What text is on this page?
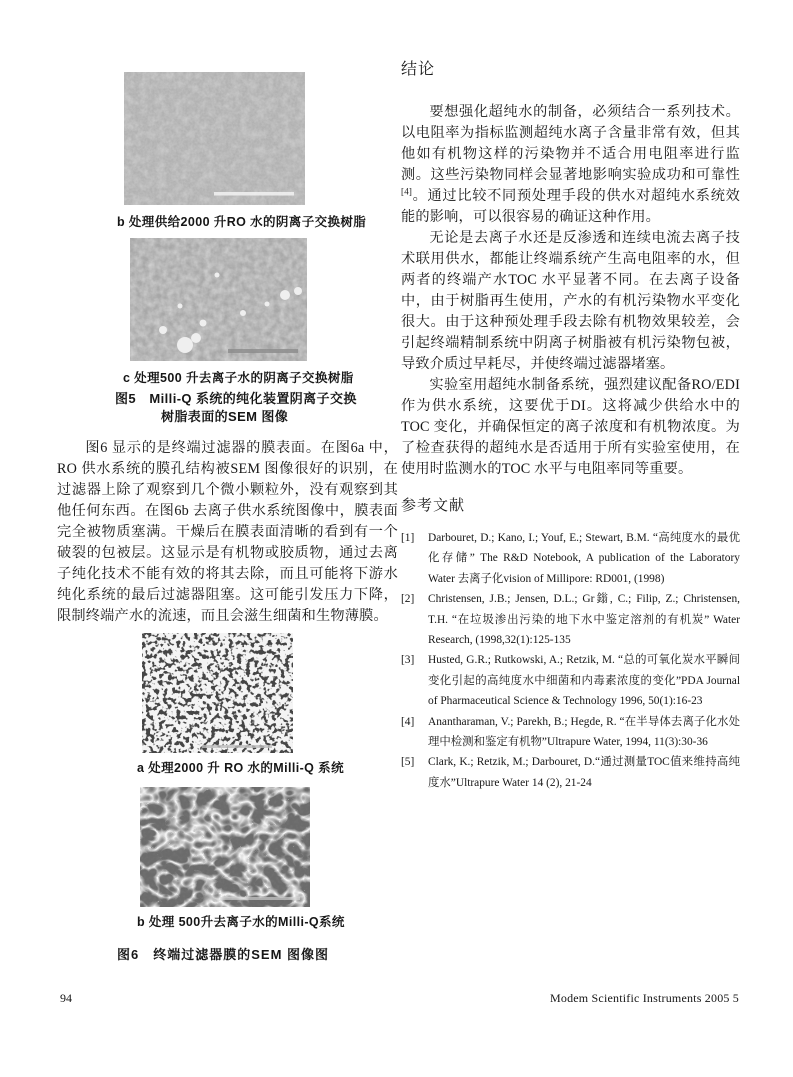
b 处理供给2000 升RO 水的阴离子交换树脂
c 处理500 升去离子水的阴离子交换树脂
图5　Milli-Q 系统的纯化装置阴离子交换
树脂表面的SEM 图像

图6 显示的是终端过滤器的膜表面。在图6a 中，RO 供水系统的膜孔结构被SEM 图像很好的识别，在过滤器上除了观察到几个微小颗粒外，没有观察到其他任何东西。在图6b 去离子供水系统图像中，膜表面完全被物质塞满。干燥后在膜表面清晰的看到有一个破裂的包被层。这显示是有机物或胶质物，通过去离子纯化技术不能有效的将其去除，而且可能将下游水纯化系统的最后过滤器阻塞。这可能引发压力下降，限制终端产水的流速，而且会滋生细菌和生物薄膜。

a 处理2000 升 RO 水的Milli-Q 系统
b 处理 500升去离子水的Milli-Q系统
图6　终端过滤器膜的SEM 图像图
结论

要想强化超纯水的制备，必须结合一系列技术。以电阻率为指标监测超纯水离子含量非常有效，但其他如有机物这样的污染物并不适合用电阻率进行监测。这些污染物同样会显著地影响实验成功和可靠性[4]。通过比较不同预处理手段的供水对超纯水系统效能的影响，可以很容易的确证这种作用。

无论是去离子水还是反渗透和连续电流去离子技术联用供水，都能让终端系统产生高电阻率的水，但两者的终端产水TOC 水平显著不同。在去离子设备中，由于树脂再生使用，产水的有机污染物水平变化很大。由于这种预处理手段去除有机物效果较差，会引起终端精制系统中阴离子树脂被有机污染物包被，导致介质过早耗尽，并使终端过滤器堵塞。

实验室用超纯水制备系统，强烈建议配备RO/EDI 作为供水系统，这要优于DI。这将减少供给水中的TOC 变化，并确保恒定的离子浓度和有机物浓度。为了检查获得的超纯水是否适用于所有实验室使用，在使用时监测水的TOC 水平与电阻率同等重要。

参考文献
[1]	Darbouret, D.; Kano, I.; Youf, E.; Stewart, B.M. “高纯度水的最优化存储” The R&D Notebook, A publication of the Laboratory Water 去离子化vision of Millipore: RD001, (1998)
[2]	Christensen, J.B.; Jensen, D.L.; Gr鎓, C.; Filip, Z.; Christensen, T.H. “在垃圾渗出污染的地下水中鉴定溶剂的有机炭” Water Research, (1998,32(1):125-135
[3]	Husted, G.R.; Rutkowski, A.; Retzik, M. “总的可氧化炭水平瞬间变化引起的高纯度水中细菌和内毒素浓度的变化”PDA Journal of Pharmaceutical Science & Technology 1996, 50(1):16-23
[4]	Anantharaman, V.; Parekh, B.; Hegde, R. “在半导体去离子化水处理中检测和鉴定有机物”Ultrapure Water, 1994, 11(3):30-36
[5]	Clark, K.; Retzik, M.; Darbouret, D.“通过测量TOC值来维持高纯度水”Ultrapure Water 14 (2), 21-24
94	Modem Scientific Instruments 2005 5
